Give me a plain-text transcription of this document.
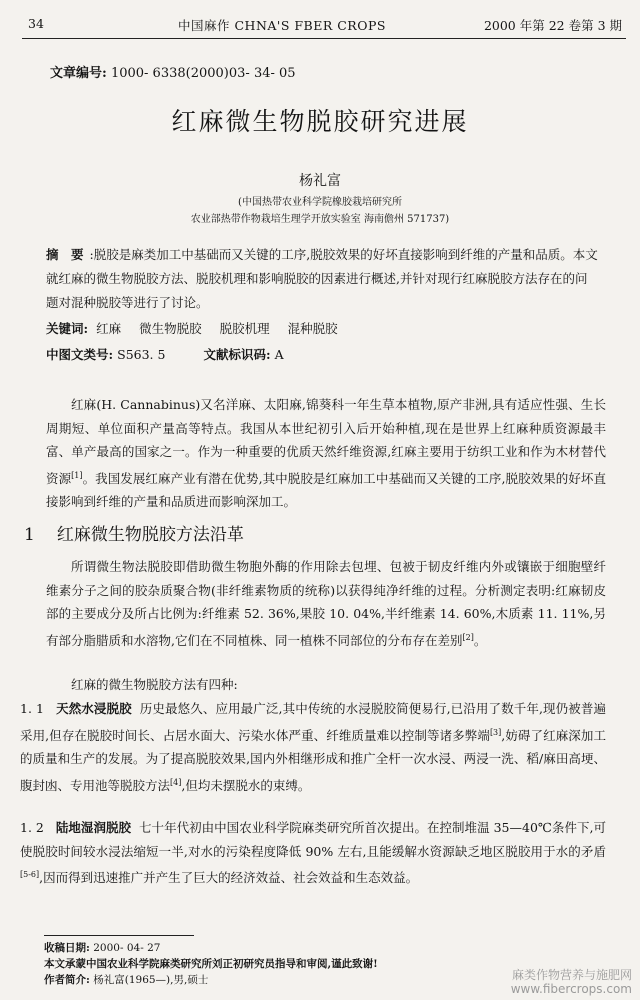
34	中国麻作 CHNA'S FBER CROPS	2000 年第 22 卷第 3 期
文章编号: 1000- 6338(2000)03- 34- 05
红麻微生物脱胶研究进展
杨礼富
(中国热带农业科学院橡胶栽培研究所
农业部热带作物栽培生理学开放实验室 海南儋州 571737)
摘　要 :脱胶是麻类加工中基础而又关键的工序,脱胶效果的好坏直接影响到纤维的产量和品质。本文就红麻的微生物脱胶方法、脱胶机理和影响脱胶的因素进行概述,并针对现行红麻脱胶方法存在的问题对混种脱胶等进行了讨论。
关键词: 红麻 微生物脱胶 脱胶机理 混种脱胶
中图文类号: S563. 5	文献标识码: A
红麻(H. Cannabinus)又名洋麻、太阳麻,锦葵科一年生草本植物,原产非洲,具有适应性强、生长周期短、单位面积产量高等特点。我国从本世纪初引入后开始种植,现在是世界上红麻种质资源最丰富、单产最高的国家之一。作为一种重要的优质天然纤维资源,红麻主要用于纺织工业和作为木材替代资源[1]。我国发展红麻产业有潜在优势,其中脱胶是红麻加工中基础而又关键的工序,脱胶效果的好坏直接影响到纤维的产量和品质进而影响深加工。
1 红麻微生物脱胶方法沿革
所谓微生物法脱胶即借助微生物胞外酶的作用除去包埋、包被于韧皮纤维内外或镶嵌于细胞壁纤维素分子之间的胶杂质聚合物(非纤维素物质的统称)以获得纯净纤维的过程。分析测定表明:红麻韧皮部的主要成分及所占比例为:纤维素 52. 36%,果胶 10. 04%,半纤维素 14. 60%,木质素 11. 11%,另有部分脂腊质和水溶物,它们在不同植株、同一植株不同部位的分布存在差别[2]。
红麻的微生物脱胶方法有四种:
1. 1 天然水浸脱胶 历史最悠久、应用最广泛,其中传统的水浸脱胶简便易行,已沿用了数千年,现仍被普遍采用,但存在脱胶时间长、占居水面大、污染水体严重、纤维质量难以控制等诸多弊端[3],妨碍了红麻深加工的质量和生产的发展。为了提高脱胶效果,国内外相继形成和推广全杆一次水浸、两浸一洗、稻/麻田高埂、腹封凼、专用池等脱胶方法[4],但均未摆脱水的束缚。
1. 2 陆地湿润脱胶 七十年代初由中国农业科学院麻类研究所首次提出。在控制堆温 35—40℃条件下,可使脱胶时间较水浸法缩短一半,对水的污染程度降低 90% 左右,且能缓解水资源缺乏地区脱胶用于水的矛盾[5-6],因而得到迅速推广并产生了巨大的经济效益、社会效益和生态效益。
收稿日期: 2000- 04- 27
本文承蒙中国农业科学院麻类研究所刘正初研究员指导和审阅,谨此致谢!
作者简介: 杨礼富(1965—),男,硕士	麻类作物营养与施肥网
www.fibercrops.com
